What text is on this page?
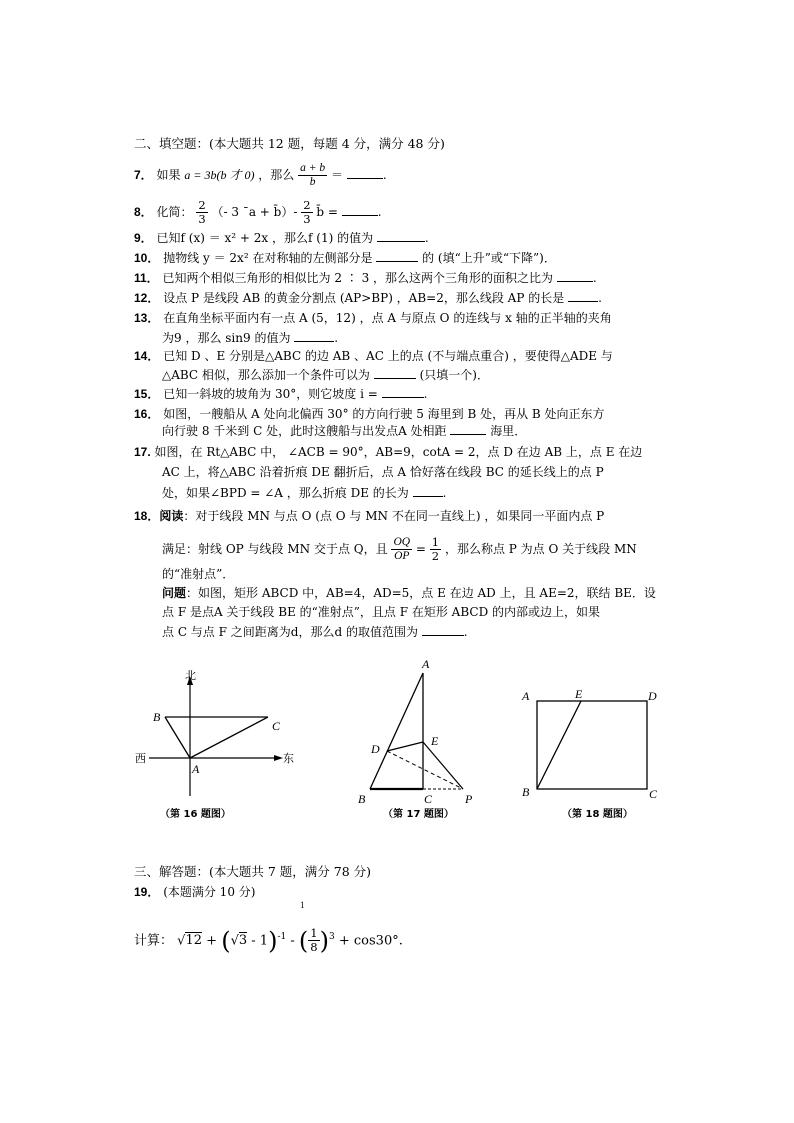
二、填空题：(本大题共 12 题，每题 4 分，满分 48 分)
7． 如果 a = 3b(b 才 0) ，那么 $\frac{a + b}{b}$ ＝	.
8． 化简： $\frac{2}{3}$ （- 3 ¯a + b̄）- $\frac{2}{3}$ b̄ =	.
9． 已知f (x) ＝ x² + 2x ，那么f (1) 的值为	.
10． 抛物线 y ＝ 2x² 在对称轴的左侧部分是	的 (填“上升”或“下降”)．
11． 已知两个相似三角形的相似比为 2 ∶ 3 ，那么这两个三角形的面积之比为	.
12． 设点 P 是线段 AB 的黄金分割点 (AP>BP) ，AB=2，那么线段 AP 的长是	.
13． 在直角坐标平面内有一点 A (5，12) ，点 A 与原点 O 的连线与 x 轴的正半轴的夹角
为9 ，那么 sin9 的值为	.
14． 已知 D 、E 分别是△ABC 的边 AB 、AC 上的点 (不与端点重合) ，要使得△ADE 与
△ABC 相似，那么添加一个条件可以为	(只填一个)．
15． 已知一斜坡的坡角为 30°，则它坡度 i =	.
16． 如图，一艘船从 A 处向北偏西 30° 的方向行驶 5 海里到 B 处，再从 B 处向正东方
向行驶 8 千米到 C 处，此时这艘船与出发点A 处相距	海里．
17. 如图，在 Rt△ABC 中， ∠ACB = 90°，AB=9，cotA = 2，点 D 在边 AB 上，点 E 在边
AC 上，将△ABC 沿着折痕 DE 翻折后，点 A 恰好落在线段 BC 的延长线上的点 P
处，如果∠BPD = ∠A ，那么折痕 DE 的长为	.
18．阅读：对于线段 MN 与点 O (点 O 与 MN 不在同一直线上) ，如果同一平面内点 P
满足：射线 OP 与线段 MN 交于点 Q，且 $\frac{OQ}{OP} = \frac{1}{2}$ ，那么称点 P 为点 O 关于线段 MN
的“准射点”．
问题：如图，矩形 ABCD 中，AB=4，AD=5，点 E 在边 AD 上，且 AE=2，联结 BE．设
点 F 是点A 关于线段 BE 的“准射点”，且点 F 在矩形 ABCD 的内部或边上，如果
点 C 与点 F 之间距离为d，那么d 的取值范围为	.
北
西	东
B
C
A
（第 16 题图）
A
D
E
B	C	P
（第 17 题图）
A	E	D
B	C
（第 18 题图）
三、解答题：(本大题共 7 题，满分 78 分)
19． (本题满分 10 分)
1
计算： √12 + (√3 - 1)$^{-1}$ - ( $\frac{1}{8} )^3 + \cos 30^\circ$.
